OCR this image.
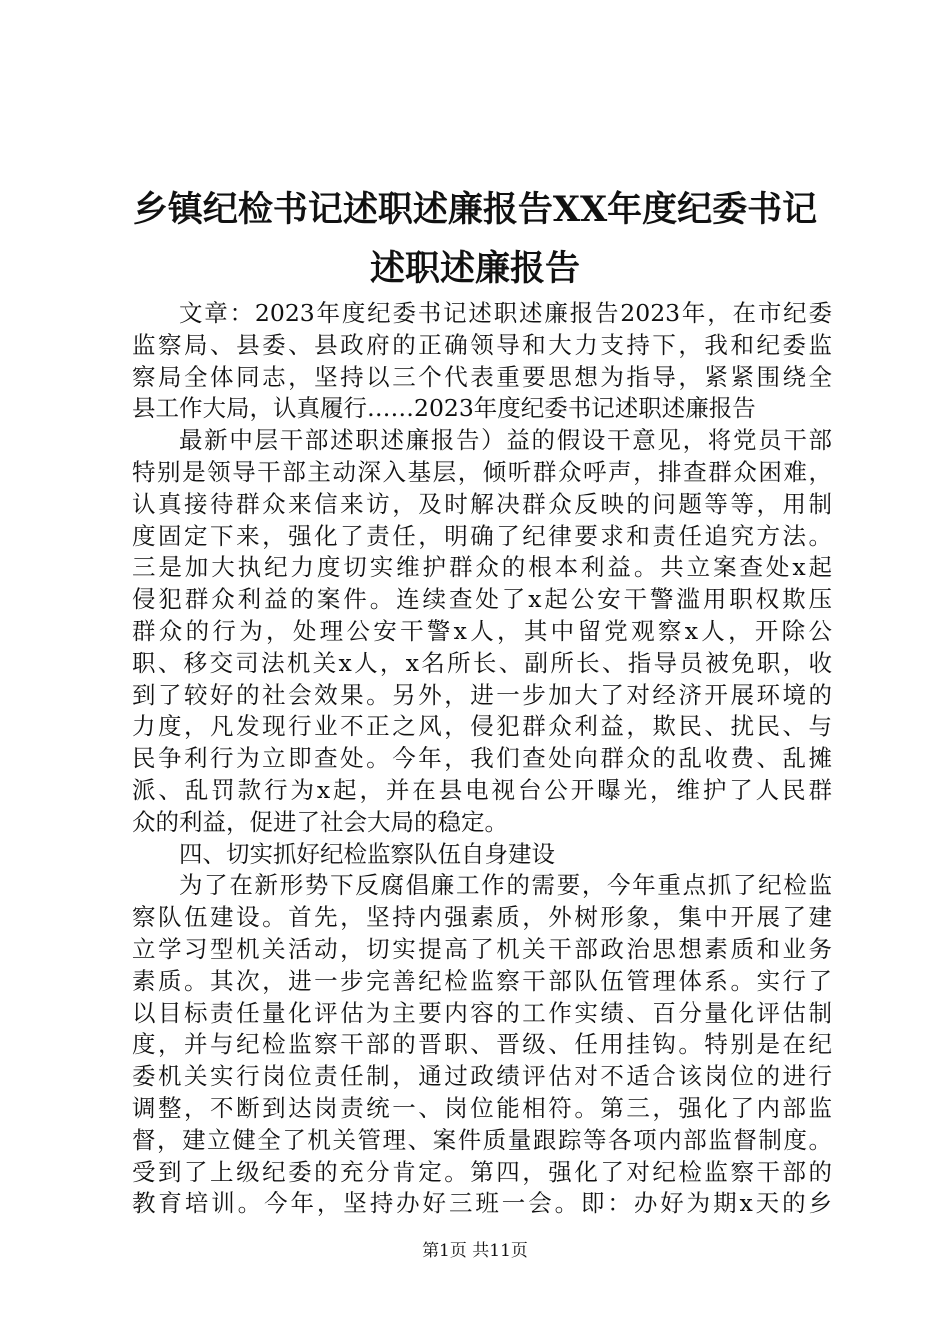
乡镇纪检书记述职述廉报告XX年度纪委书记
述职述廉报告
文章：2023年度纪委书记述职述廉报告2023年，在市纪委
监察局、县委、县政府的正确领导和大力支持下，我和纪委监
察局全体同志，坚持以三个代表重要思想为指导，紧紧围绕全
县工作大局，认真履行……2023年度纪委书记述职述廉报告
最新中层干部述职述廉报告）益的假设干意见，将党员干部
特别是领导干部主动深入基层，倾听群众呼声，排查群众困难，
认真接待群众来信来访，及时解决群众反映的问题等等，用制
度固定下来，强化了责任，明确了纪律要求和责任追究方法。
三是加大执纪力度切实维护群众的根本利益。共立案查处x起
侵犯群众利益的案件。连续查处了x起公安干警滥用职权欺压
群众的行为，处理公安干警x人，其中留党观察x人，开除公
职、移交司法机关x人，x名所长、副所长、指导员被免职，收
到了较好的社会效果。另外，进一步加大了对经济开展环境的
力度，凡发现行业不正之风，侵犯群众利益，欺民、扰民、与
民争利行为立即查处。今年，我们查处向群众的乱收费、乱摊
派、乱罚款行为x起，并在县电视台公开曝光，维护了人民群
众的利益，促进了社会大局的稳定。
四、切实抓好纪检监察队伍自身建设
为了在新形势下反腐倡廉工作的需要，今年重点抓了纪检监
察队伍建设。首先，坚持内强素质，外树形象，集中开展了建
立学习型机关活动，切实提高了机关干部政治思想素质和业务
素质。其次，进一步完善纪检监察干部队伍管理体系。实行了
以目标责任量化评估为主要内容的工作实绩、百分量化评估制
度，并与纪检监察干部的晋职、晋级、任用挂钩。特别是在纪
委机关实行岗位责任制，通过政绩评估对不适合该岗位的进行
调整，不断到达岗责统一、岗位能相符。第三，强化了内部监
督，建立健全了机关管理、案件质量跟踪等各项内部监督制度。
受到了上级纪委的充分肯定。第四，强化了对纪检监察干部的
教育培训。今年，坚持办好三班一会。即：办好为期x天的乡
第1页 共11页
